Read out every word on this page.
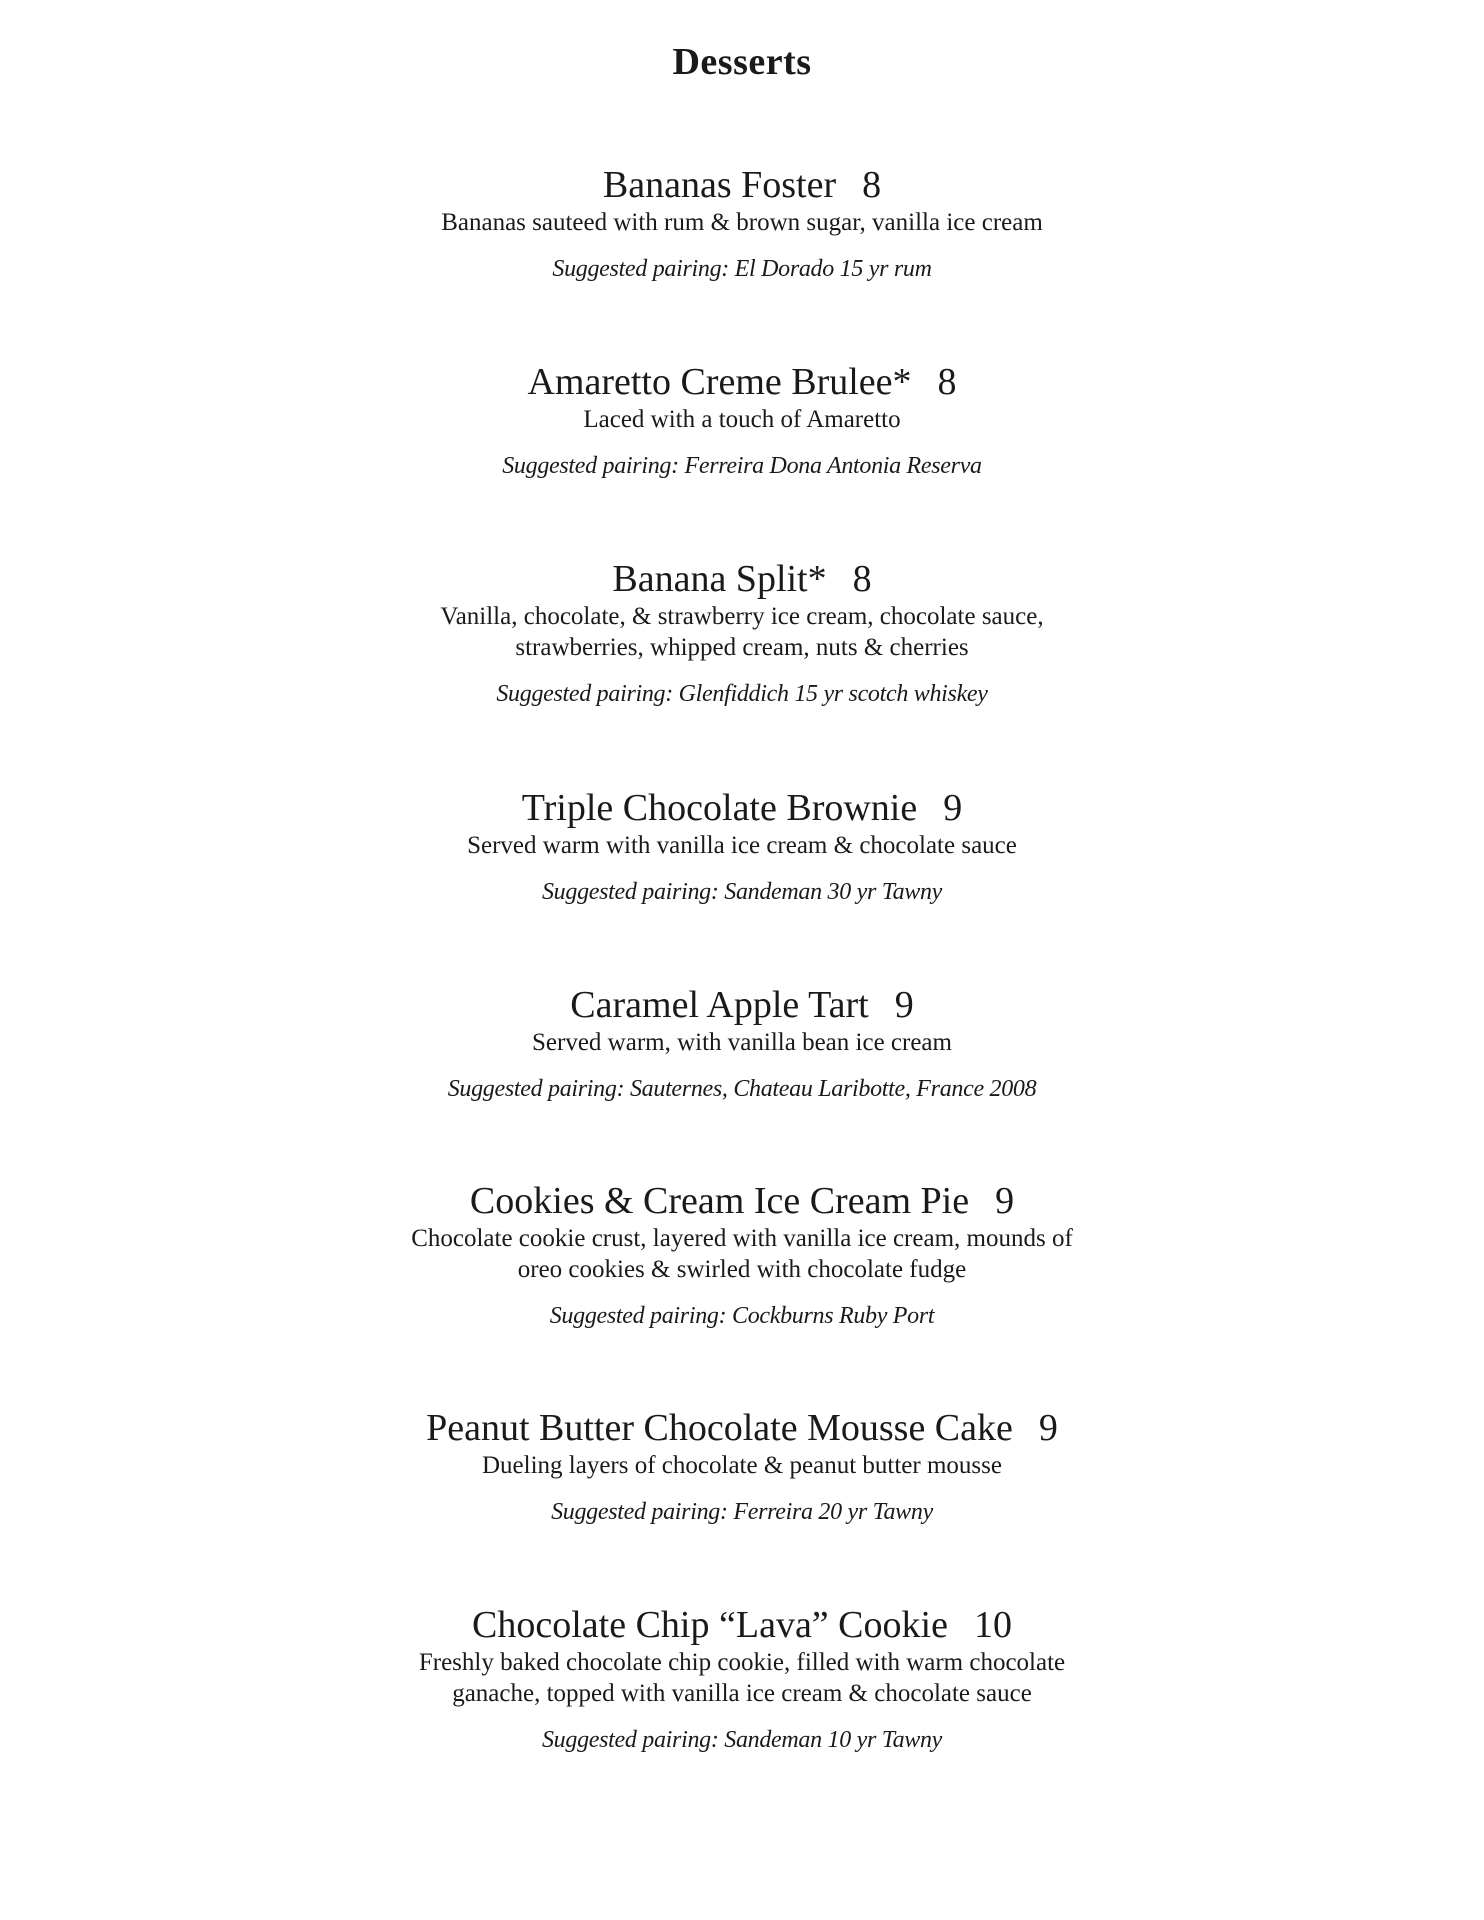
Desserts
Bananas Foster 8
Bananas sauteed with rum & brown sugar, vanilla ice cream
Suggested pairing: El Dorado 15 yr rum
Amaretto Creme Brulee* 8
Laced with a touch of Amaretto
Suggested pairing: Ferreira Dona Antonia Reserva
Banana Split* 8
Vanilla, chocolate, & strawberry ice cream, chocolate sauce,
strawberries, whipped cream, nuts & cherries
Suggested pairing: Glenfiddich 15 yr scotch whiskey
Triple Chocolate Brownie 9
Served warm with vanilla ice cream & chocolate sauce
Suggested pairing: Sandeman 30 yr Tawny
Caramel Apple Tart 9
Served warm, with vanilla bean ice cream
Suggested pairing: Sauternes, Chateau Laribotte, France 2008
Cookies & Cream Ice Cream Pie 9
Chocolate cookie crust, layered with vanilla ice cream, mounds of
oreo cookies & swirled with chocolate fudge
Suggested pairing: Cockburns Ruby Port
Peanut Butter Chocolate Mousse Cake 9
Dueling layers of chocolate & peanut butter mousse
Suggested pairing: Ferreira 20 yr Tawny
Chocolate Chip “Lava” Cookie 10
Freshly baked chocolate chip cookie, filled with warm chocolate
ganache, topped with vanilla ice cream & chocolate sauce
Suggested pairing: Sandeman 10 yr Tawny
